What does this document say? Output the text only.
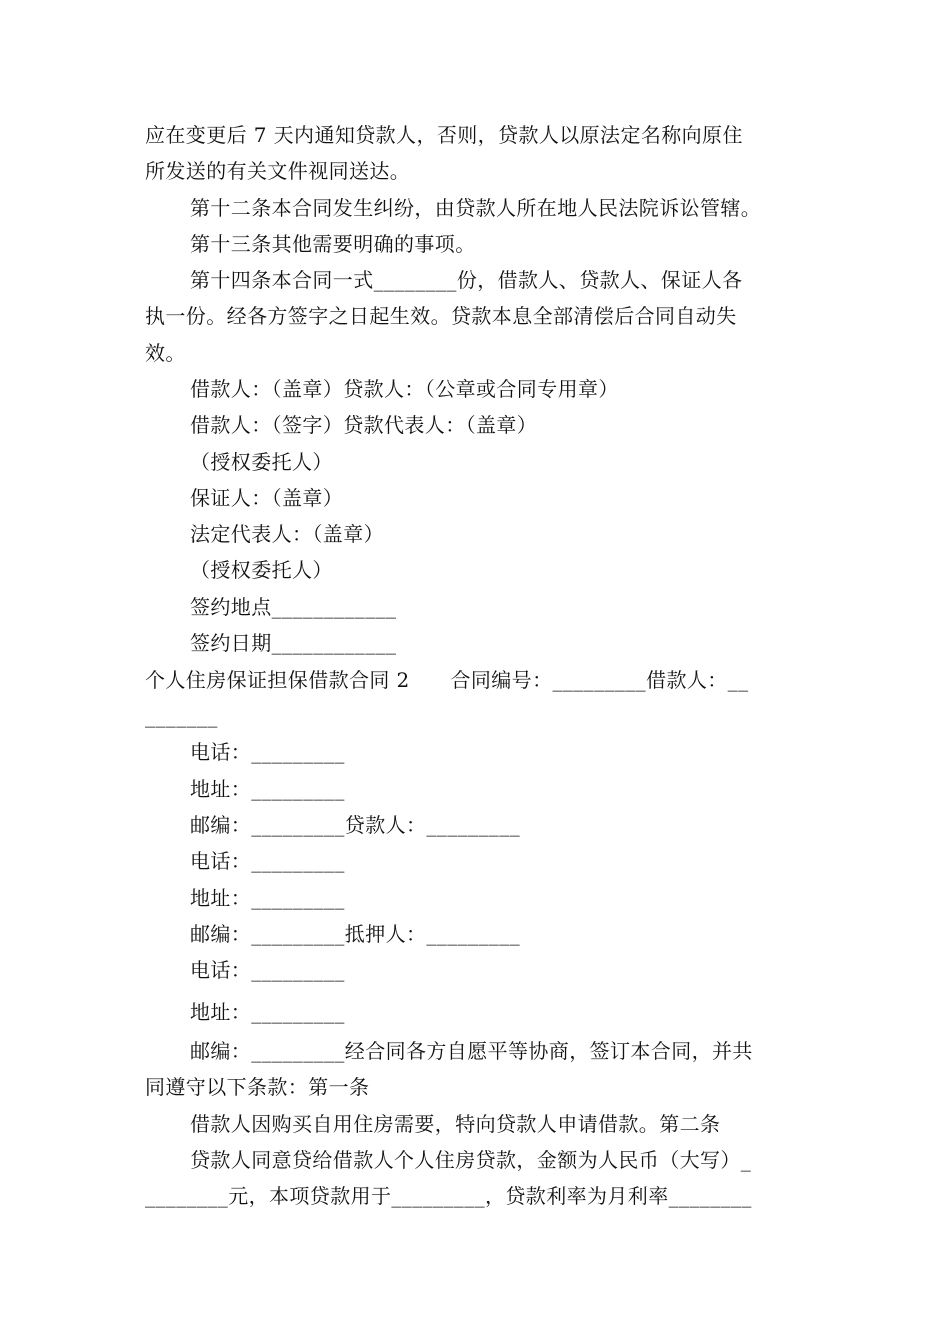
应在变更后 7 天内通知贷款人，否则，贷款人以原法定名称向原住
所发送的有关文件视同送达。
第十二条本合同发生纠纷，由贷款人所在地人民法院诉讼管辖。
第十三条其他需要明确的事项。
第十四条本合同一式________份，借款人、贷款人、保证人各
执一份。经各方签字之日起生效。贷款本息全部清偿后合同自动失
效。
借款人：（盖章）贷款人：（公章或合同专用章）
借款人：（签字）贷款代表人：（盖章）
（授权委托人）
保证人：（盖章）
法定代表人：（盖章）
（授权委托人）
签约地点____________
签约日期____________
个人住房保证担保借款合同 2　　合同编号：_________借款人：__
_______
电话：_________
地址：_________
邮编：_________贷款人：_________
电话：_________
地址：_________
邮编：_________抵押人：_________
电话：_________
地址：_________
邮编：_________经合同各方自愿平等协商，签订本合同，并共
同遵守以下条款：第一条
借款人因购买自用住房需要，特向贷款人申请借款。第二条
贷款人同意贷给借款人个人住房贷款，金额为人民币（大写）_
________元，本项贷款用于_________，贷款利率为月利率________
